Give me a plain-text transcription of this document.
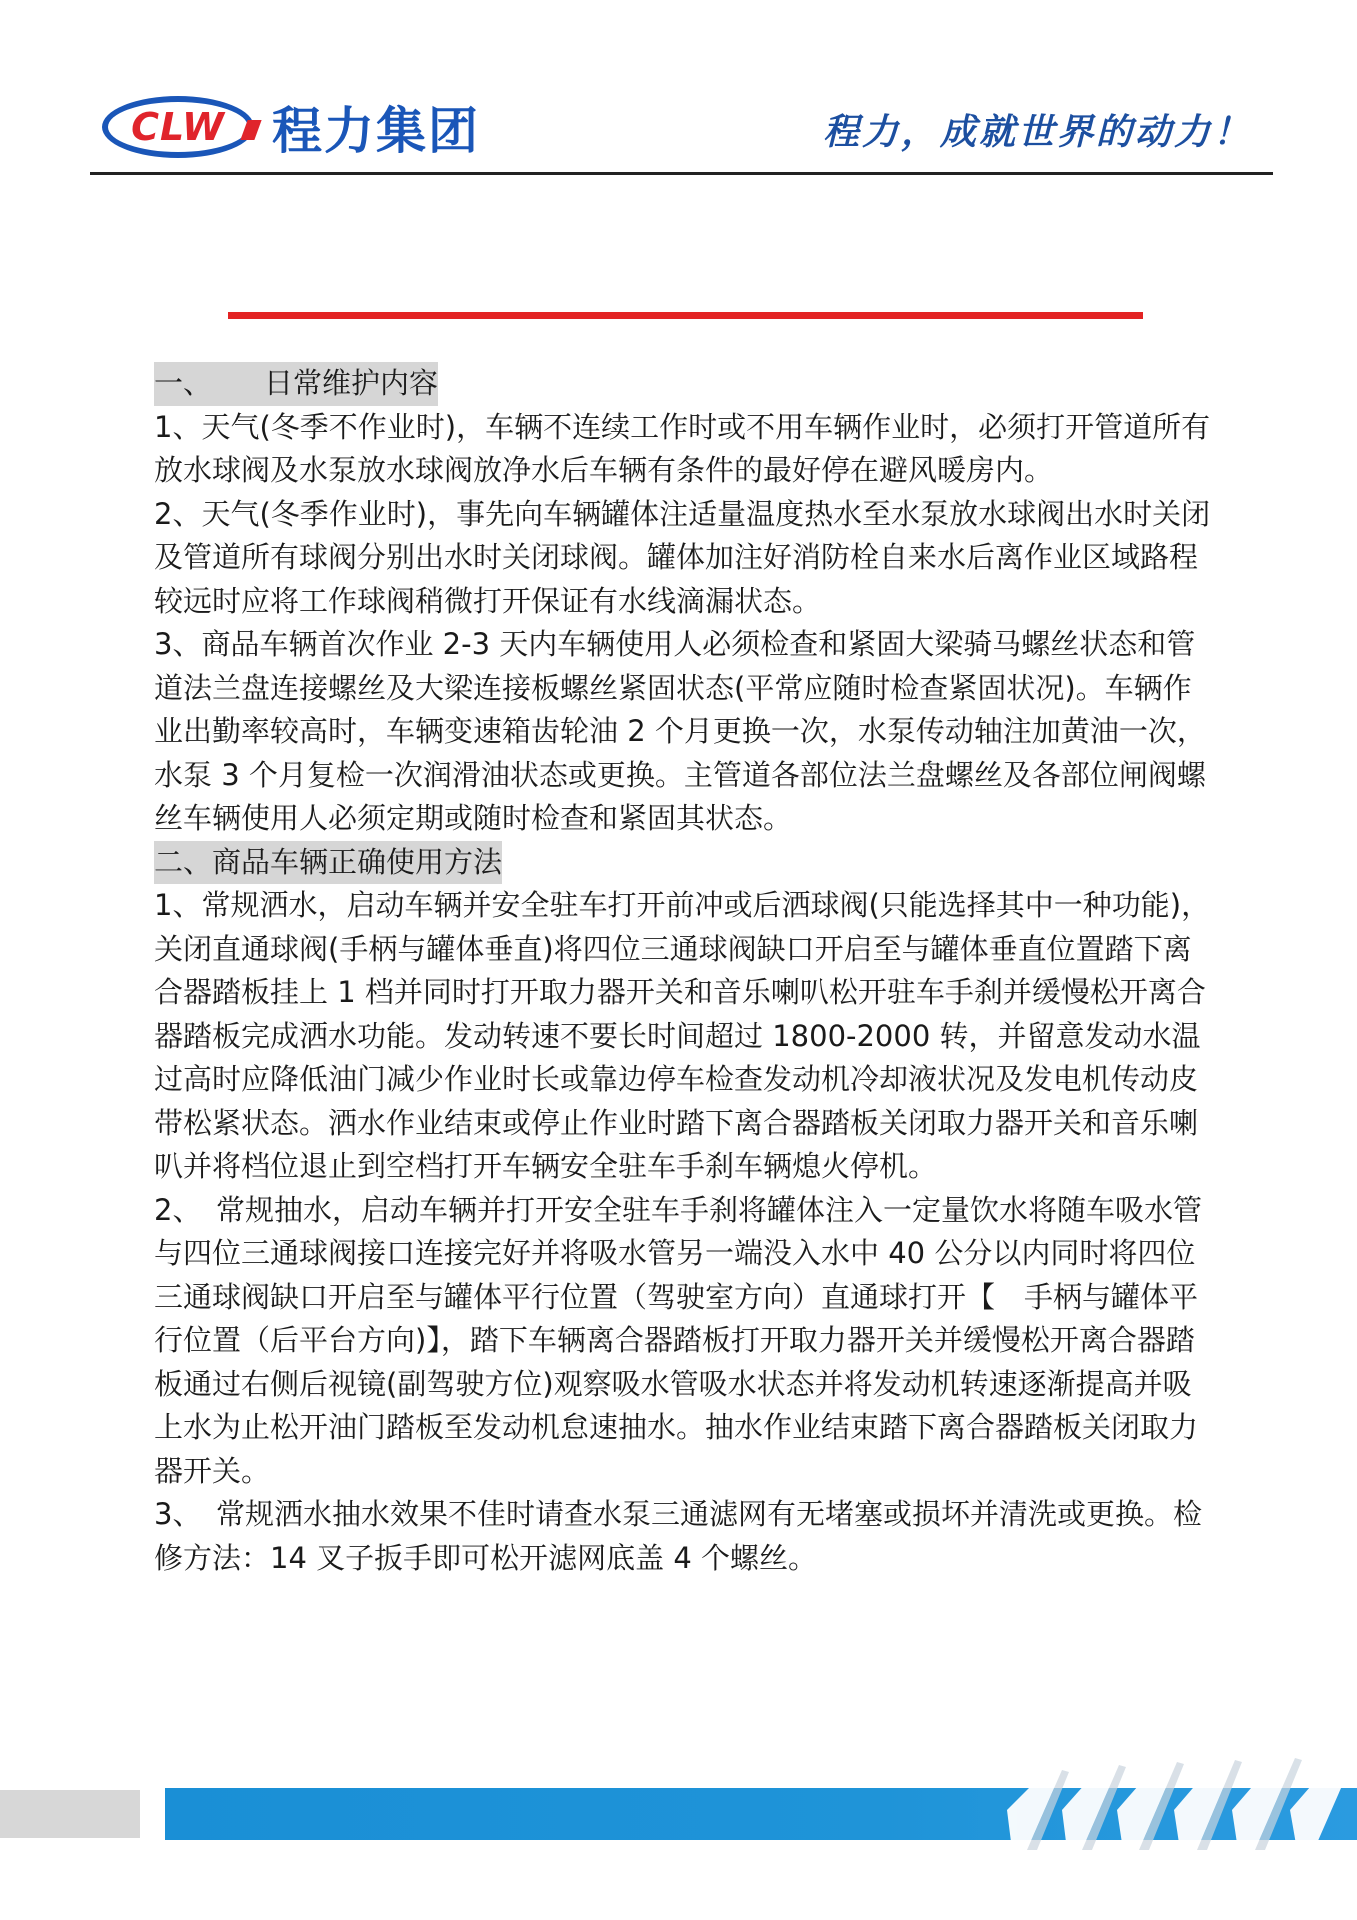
CLW 程力集团	程力，成就世界的动力！

一、 日常维护内容

1、天气(冬季不作业时)，车辆不连续工作时或不用车辆作业时，必须打开管道所有放水球阀及水泵放水球阀放净水后车辆有条件的最好停在避风暖房内。

2、天气(冬季作业时)，事先向车辆罐体注适量温度热水至水泵放水球阀出水时关闭及管道所有球阀分别出水时关闭球阀。罐体加注好消防栓自来水后离作业区域路程较远时应将工作球阀稍微打开保证有水线滴漏状态。

3、商品车辆首次作业 2-3 天内车辆使用人必须检查和紧固大梁骑马螺丝状态和管道法兰盘连接螺丝及大梁连接板螺丝紧固状态(平常应随时检查紧固状况)。车辆作业出勤率较高时，车辆变速箱齿轮油 2 个月更换一次，水泵传动轴注加黄油一次，水泵 3 个月复检一次润滑油状态或更换。主管道各部位法兰盘螺丝及各部位闸阀螺丝车辆使用人必须定期或随时检查和紧固其状态。

二、商品车辆正确使用方法

1、常规洒水，启动车辆并安全驻车打开前冲或后洒球阀(只能选择其中一种功能)，关闭直通球阀(手柄与罐体垂直)将四位三通球阀缺口开启至与罐体垂直位置踏下离合器踏板挂上 1 档并同时打开取力器开关和音乐喇叭松开驻车手刹并缓慢松开离合器踏板完成洒水功能。发动转速不要长时间超过 1800-2000 转，并留意发动水温过高时应降低油门减少作业时长或靠边停车检查发动机冷却液状况及发电机传动皮带松紧状态。洒水作业结束或停止作业时踏下离合器踏板关闭取力器开关和音乐喇叭并将档位退止到空档打开车辆安全驻车手刹车辆熄火停机。

2、　常规抽水，启动车辆并打开安全驻车手刹将罐体注入一定量饮水将随车吸水管与四位三通球阀接口连接完好并将吸水管另一端没入水中 40 公分以内同时将四位三通球阀缺口开启至与罐体平行位置（驾驶室方向）直通球打开【　手柄与罐体平行位置（后平台方向)】，踏下车辆离合器踏板打开取力器开关并缓慢松开离合器踏板通过右侧后视镜(副驾驶方位)观察吸水管吸水状态并将发动机转速逐渐提高并吸上水为止松开油门踏板至发动机怠速抽水。抽水作业结束踏下离合器踏板关闭取力器开关。

3、　常规洒水抽水效果不佳时请查水泵三通滤网有无堵塞或损坏并清洗或更换。检修方法：14 叉子扳手即可松开滤网底盖 4 个螺丝。
